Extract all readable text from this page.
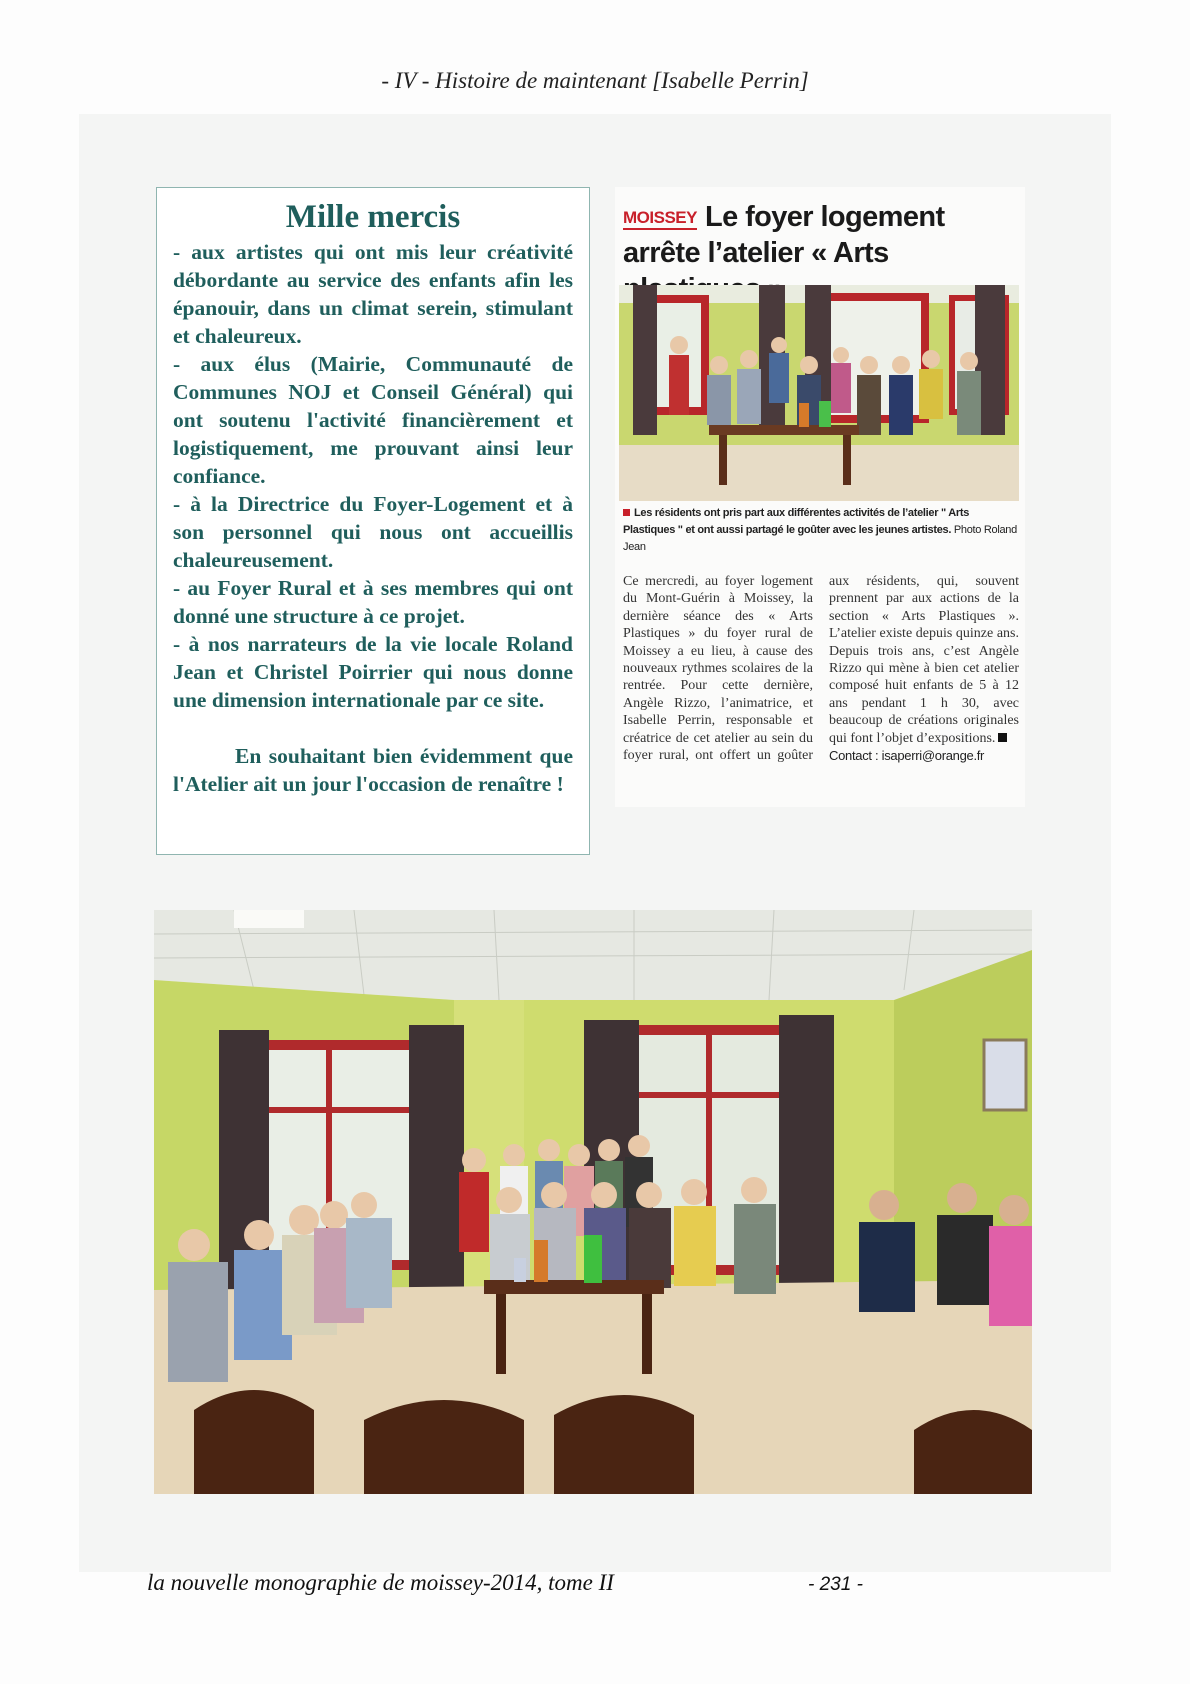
- IV - Histoire de maintenant [Isabelle Perrin]
Mille mercis

- aux artistes qui ont mis leur créativité débordante au service des enfants afin les épanouir, dans un climat serein, stimulant et chaleureux.

- aux élus (Mairie, Communauté de Communes NOJ et Conseil Général) qui ont soutenu l'activité financièrement et logistiquement, me prouvant ainsi leur confiance.

- à la Directrice du Foyer-Logement et à son personnel qui nous ont accueillis chaleureusement.

- au Foyer Rural et à ses membres qui ont donné une structure à ce projet.

- à nos narrateurs de la vie locale Roland Jean et Christel Poirrier qui nous donne une dimension internationale par ce site.

En souhaitant bien évidemment que l'Atelier ait un jour l'occasion de renaître !

MOISSEY Le foyer logement arrête l’atelier « Arts
Les résidents ont pris part aux différentes activités de l’atelier " Arts Plastiques " et ont aussi partagé le goûter avec les jeunes artistes. Photo Roland Jean

Ce mercredi, au foyer logement du Mont-Guérin à Moissey, la dernière séance des « Arts Plastiques » du foyer rural de Moissey a eu lieu, à cause des nouveaux rythmes scolaires de la rentrée. Pour cette dernière, Angèle Rizzo, l’animatrice, et Isabelle Perrin, responsable et créatrice de cet atelier au sein du foyer rural, ont offert un goûter aux résidents, qui, souvent prennent par aux actions de la section « Arts Plastiques ». L’atelier existe depuis quinze ans. Depuis trois ans, c’est Angèle Rizzo qui mène à bien cet atelier composé huit enfants de 5 à 12 ans pendant 1 h 30, avec beaucoup de créations originales qui font l’objet d’expositions.

Contact : isaperri@orange.fr

la nouvelle monographie de moissey-2014, tome II	- 231 -
